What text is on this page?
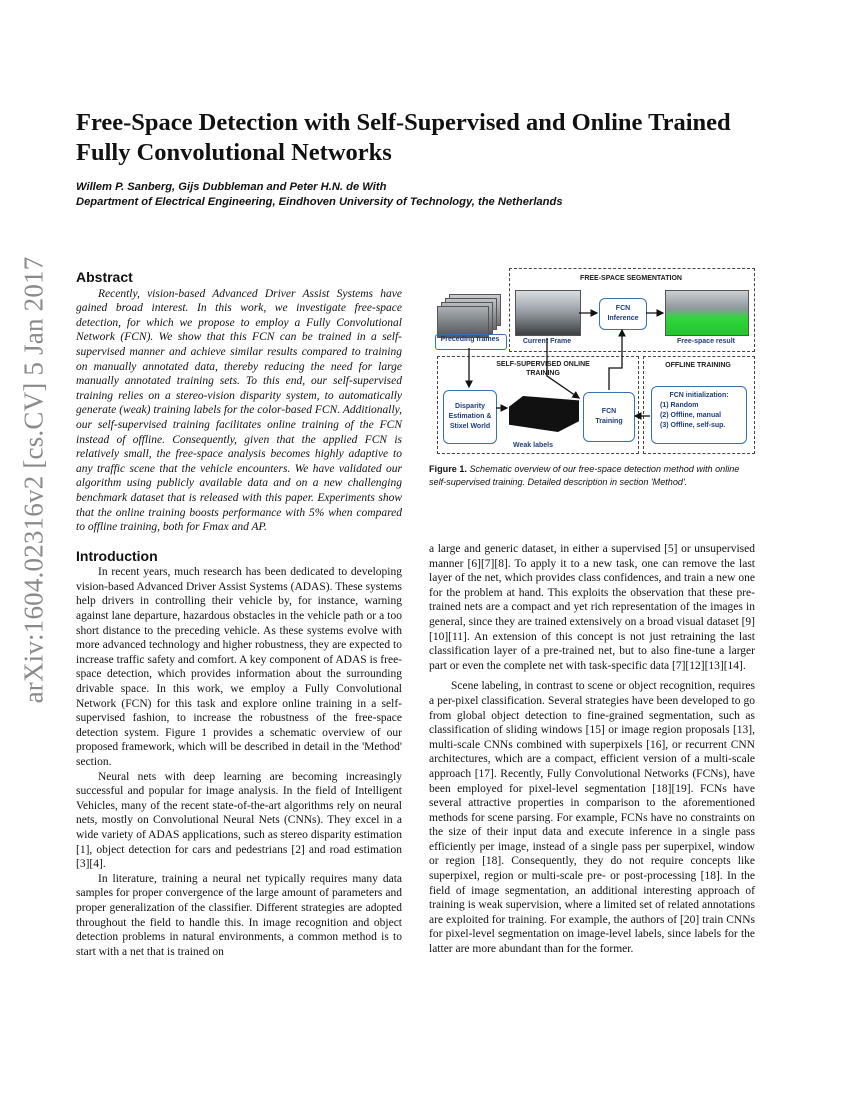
arXiv:1604.02316v2 [cs.CV] 5 Jan 2017
Free-Space Detection with Self-Supervised and Online Trained Fully Convolutional Networks
Willem P. Sanberg, Gijs Dubbleman and Peter H.N. de With
Department of Electrical Engineering, Eindhoven University of Technology, the Netherlands
Abstract

Recently, vision-based Advanced Driver Assist Systems have gained broad interest. In this work, we investigate free-space detection, for which we propose to employ a Fully Convolutional Network (FCN). We show that this FCN can be trained in a self-supervised manner and achieve similar results compared to training on manually annotated data, thereby reducing the need for large manually annotated training sets. To this end, our self-supervised training relies on a stereo-vision disparity system, to automatically generate (weak) training labels for the color-based FCN. Additionally, our self-supervised training facilitates online training of the FCN instead of offline. Consequently, given that the applied FCN is relatively small, the free-space analysis becomes highly adaptive to any traffic scene that the vehicle encounters. We have validated our algorithm using publicly available data and on a new challenging benchmark dataset that is released with this paper. Experiments show that the online training boosts performance with 5% when compared to offline training, both for Fmax and AP.

Introduction

In recent years, much research has been dedicated to developing vision-based Advanced Driver Assist Systems (ADAS). These systems help drivers in controlling their vehicle by, for instance, warning against lane departure, hazardous obstacles in the vehicle path or a too short distance to the preceding vehicle. As these systems evolve with more advanced technology and higher robustness, they are expected to increase traffic safety and comfort. A key component of ADAS is free-space detection, which provides information about the surrounding drivable space. In this work, we employ a Fully Convolutional Network (FCN) for this task and explore online training in a self-supervised fashion, to increase the robustness of the free-space detection system. Figure 1 provides a schematic overview of our proposed framework, which will be described in detail in the 'Method' section.

Neural nets with deep learning are becoming increasingly successful and popular for image analysis. In the field of Intelligent Vehicles, many of the recent state-of-the-art algorithms rely on neural nets, mostly on Convolutional Neural Nets (CNNs). They excel in a wide variety of ADAS applications, such as stereo disparity estimation [1], object detection for cars and pedestrians [2] and road estimation [3][4].

In literature, training a neural net typically requires many data samples for proper convergence of the large amount of parameters and proper generalization of the classifier. Different strategies are adopted throughout the field to handle this. In image recognition and object detection problems in natural environments, a common method is to start with a net that is trained on

FREE-SPACE SEGMENTATION
Preceding frames	Current Frame
FCN Inference
Free-space result
SELF-SUPERVISED ONLINE TRAINING
Disparity Estimation & Stixel World
Weak labels
FCN Training
OFFLINE TRAINING
FCN initialization:
(1) Random
(2) Offline, manual
(3) Offline, self-sup.
Figure 1. Schematic overview of our free-space detection method with online self-supervised training. Detailed description in section 'Method'.

a large and generic dataset, in either a supervised [5] or unsupervised manner [6][7][8]. To apply it to a new task, one can remove the last layer of the net, which provides class confidences, and train a new one for the problem at hand. This exploits the observation that these pre-trained nets are a compact and yet rich representation of the images in general, since they are trained extensively on a broad visual dataset [9][10][11]. An extension of this concept is not just retraining the last classification layer of a pre-trained net, but to also fine-tune a larger part or even the complete net with task-specific data [7][12][13][14].

Scene labeling, in contrast to scene or object recognition, requires a per-pixel classification. Several strategies have been developed to go from global object detection to fine-grained segmentation, such as classification of sliding windows [15] or image region proposals [13], multi-scale CNNs combined with superpixels [16], or recurrent CNN architectures, which are a compact, efficient version of a multi-scale approach [17]. Recently, Fully Convolutional Networks (FCNs), have been employed for pixel-level segmentation [18][19]. FCNs have several attractive properties in comparison to the aforementioned methods for scene parsing. For example, FCNs have no constraints on the size of their input data and execute inference in a single pass efficiently per image, instead of a single pass per superpixel, window or region [18]. Consequently, they do not require concepts like superpixel, region or multi-scale pre- or post-processing [18]. In the field of image segmentation, an additional interesting approach of training is weak supervision, where a limited set of related annotations are exploited for training. For example, the authors of [20] train CNNs for pixel-level segmentation on image-level labels, since labels for the latter are more abundant than for the former.
